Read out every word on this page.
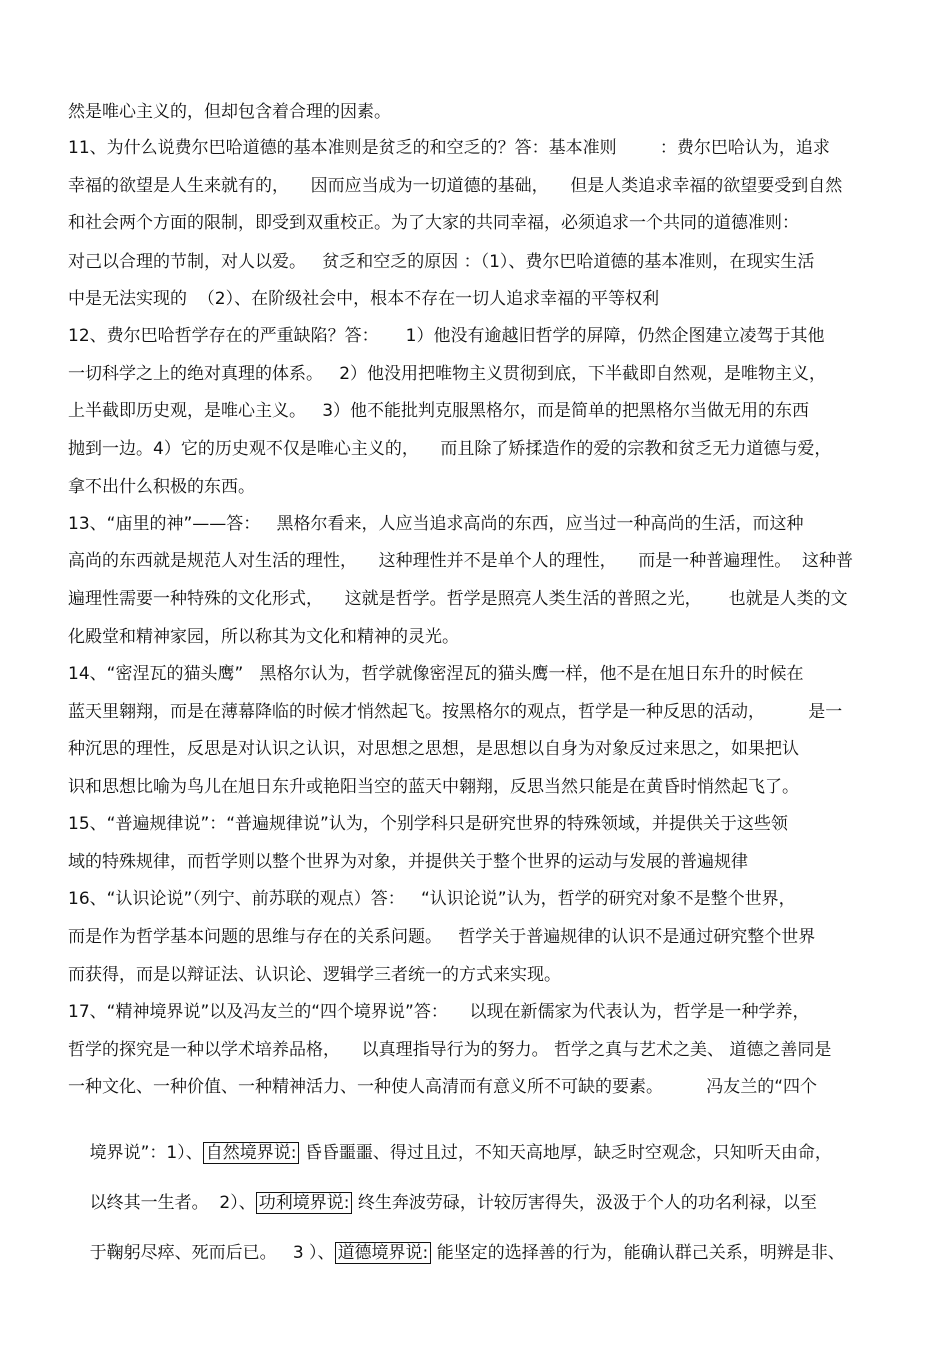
然是唯心主义的，但却包含着合理的因素。
11、为什么说费尔巴哈道德的基本准则是贫乏的和空乏的？答：基本准则        ：费尔巴哈认为，追求
幸福的欲望是人生来就有的，    因而应当成为一切道德的基础，    但是人类追求幸福的欲望要受到自然
和社会两个方面的限制，即受到双重校正。为了大家的共同幸福，必须追求一个共同的道德准则：
对己以合理的节制，对人以爱。   贫乏和空乏的原因 ：（1）、费尔巴哈道德的基本准则，在现实生活
中是无法实现的  （2）、在阶级社会中，根本不存在一切人追求幸福的平等权利
12、费尔巴哈哲学存在的严重缺陷？答：     1）他没有逾越旧哲学的屏障，仍然企图建立凌驾于其他
一切科学之上的绝对真理的体系。   2）他没用把唯物主义贯彻到底，下半截即自然观，是唯物主义，
上半截即历史观，是唯心主义。   3）他不能批判克服黑格尔，而是简单的把黑格尔当做无用的东西
抛到一边。4）它的历史观不仅是唯心主义的，    而且除了矫揉造作的爱的宗教和贫乏无力道德与爱，
拿不出什么积极的东西。
13、“庙里的神”——答：   黑格尔看来，人应当追求高尚的东西，应当过一种高尚的生活，而这种
高尚的东西就是规范人对生活的理性，    这种理性并不是单个人的理性，    而是一种普遍理性。  这种普
遍理性需要一种特殊的文化形式，    这就是哲学。哲学是照亮人类生活的普照之光，     也就是人类的文
化殿堂和精神家园，所以称其为文化和精神的灵光。
14、“密涅瓦的猫头鹰”   黑格尔认为，哲学就像密涅瓦的猫头鹰一样，他不是在旭日东升的时候在
蓝天里翱翔，而是在薄幕降临的时候才悄然起飞。按黑格尔的观点，哲学是一种反思的活动，        是一
种沉思的理性，反思是对认识之认识，对思想之思想，是思想以自身为对象反过来思之，如果把认
识和思想比喻为鸟儿在旭日东升或艳阳当空的蓝天中翱翔，反思当然只能是在黄昏时悄然起飞了。
15、“普遍规律说”：“普遍规律说”认为，个别学科只是研究世界的特殊领域，并提供关于这些领
域的特殊规律，而哲学则以整个世界为对象，并提供关于整个世界的运动与发展的普遍规律
16、“认识论说”（列宁、前苏联的观点）答：   “认识论说”认为，哲学的研究对象不是整个世界，
而是作为哲学基本问题的思维与存在的关系问题。   哲学关于普遍规律的认识不是通过研究整个世界
而获得，而是以辩证法、认识论、逻辑学三者统一的方式来实现。
17、“精神境界说”以及冯友兰的“四个境界说”答：    以现在新儒家为代表认为，哲学是一种学养，
哲学的探究是一种以学术培养品格，    以真理指导行为的努力。 哲学之真与艺术之美、 道德之善同是
一种文化、一种价值、一种精神活力、一种使人高清而有意义所不可缺的要素。        冯友兰的“四个

境界说”：1）、 自然境界说: 昏昏噩噩、得过且过，不知天高地厚，缺乏时空观念，只知听天由命，

以终其一生者。  2）、 功利境界说: 终生奔波劳碌，计较厉害得失，汲汲于个人的功名利禄，以至

于鞠躬尽瘁、死而后已。   3 ）、 道德境界说: 能坚定的选择善的行为，能确认群己关系，明辨是非、
